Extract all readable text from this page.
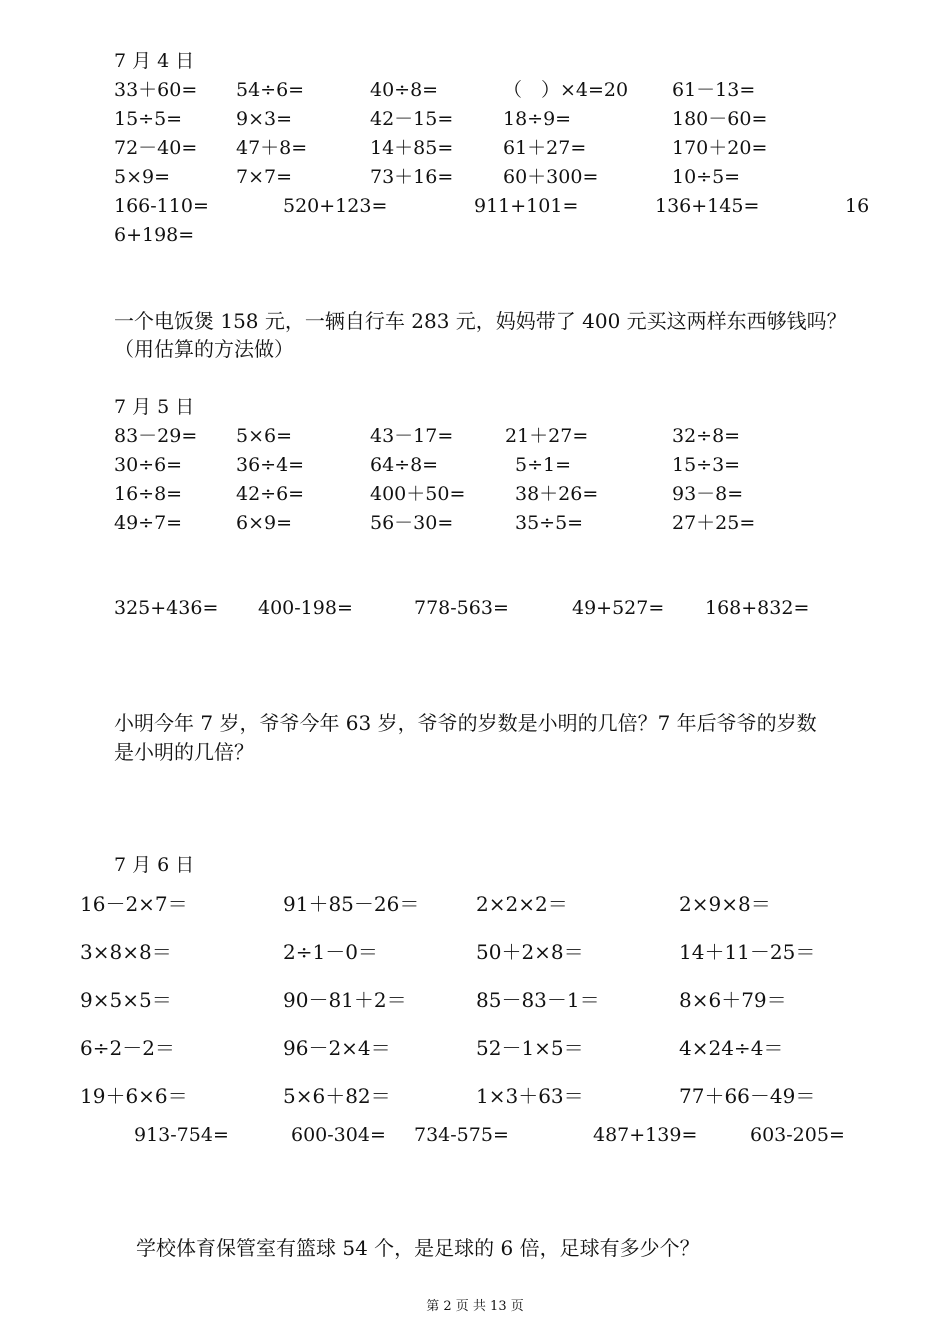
7 月 4 日
33＋60= 54÷6=	40÷8=	（　）×4=20 61－13=
15÷5=	9×3=	42－15=	18÷9=	180－60=
72－40= 47＋8=	14＋85=	61＋27=	170＋20=
5×9=	7×7=	73＋16=	60＋300=	10÷5=
166-110=	520+123=	911+101=	136+145=	16
6+198=
一个电饭煲 158 元，一辆自行车 283 元，妈妈带了 400 元买这两样东西够钱吗？
（用估算的方法做）
7 月 5 日
83－29= 5×6=	43－17=	21＋27=	32÷8=
30÷6=	36÷4=	64÷8=	5÷1=	15÷3=
16÷8=	42÷6=	400＋50=	38＋26=	93－8=
49÷7=	6×9=	56－30=	35÷5=	27＋25=
325+436= 400-198=	778-563=	49+527= 168+832=
小明今年 7 岁，爷爷今年 63 岁，爷爷的岁数是小明的几倍？7 年后爷爷的岁数
是小明的几倍？
7 月 6 日
16－2×7＝	91＋85－26＝	2×2×2＝	2×9×8＝
3×8×8＝	2÷1－0＝	50＋2×8＝	14＋11－25＝
9×5×5＝	90－81＋2＝	85－83－1＝	8×6＋79＝
6÷2－2＝	96－2×4＝	52－1×5＝	4×24÷4＝
19＋6×6＝	5×6＋82＝	1×3＋63＝	77＋66－49＝
913-754=	600-304= 734-575=	487+139=	603-205=
学校体育保管室有篮球 54 个，是足球的 6 倍，足球有多少个？
第 2 页 共 13 页
